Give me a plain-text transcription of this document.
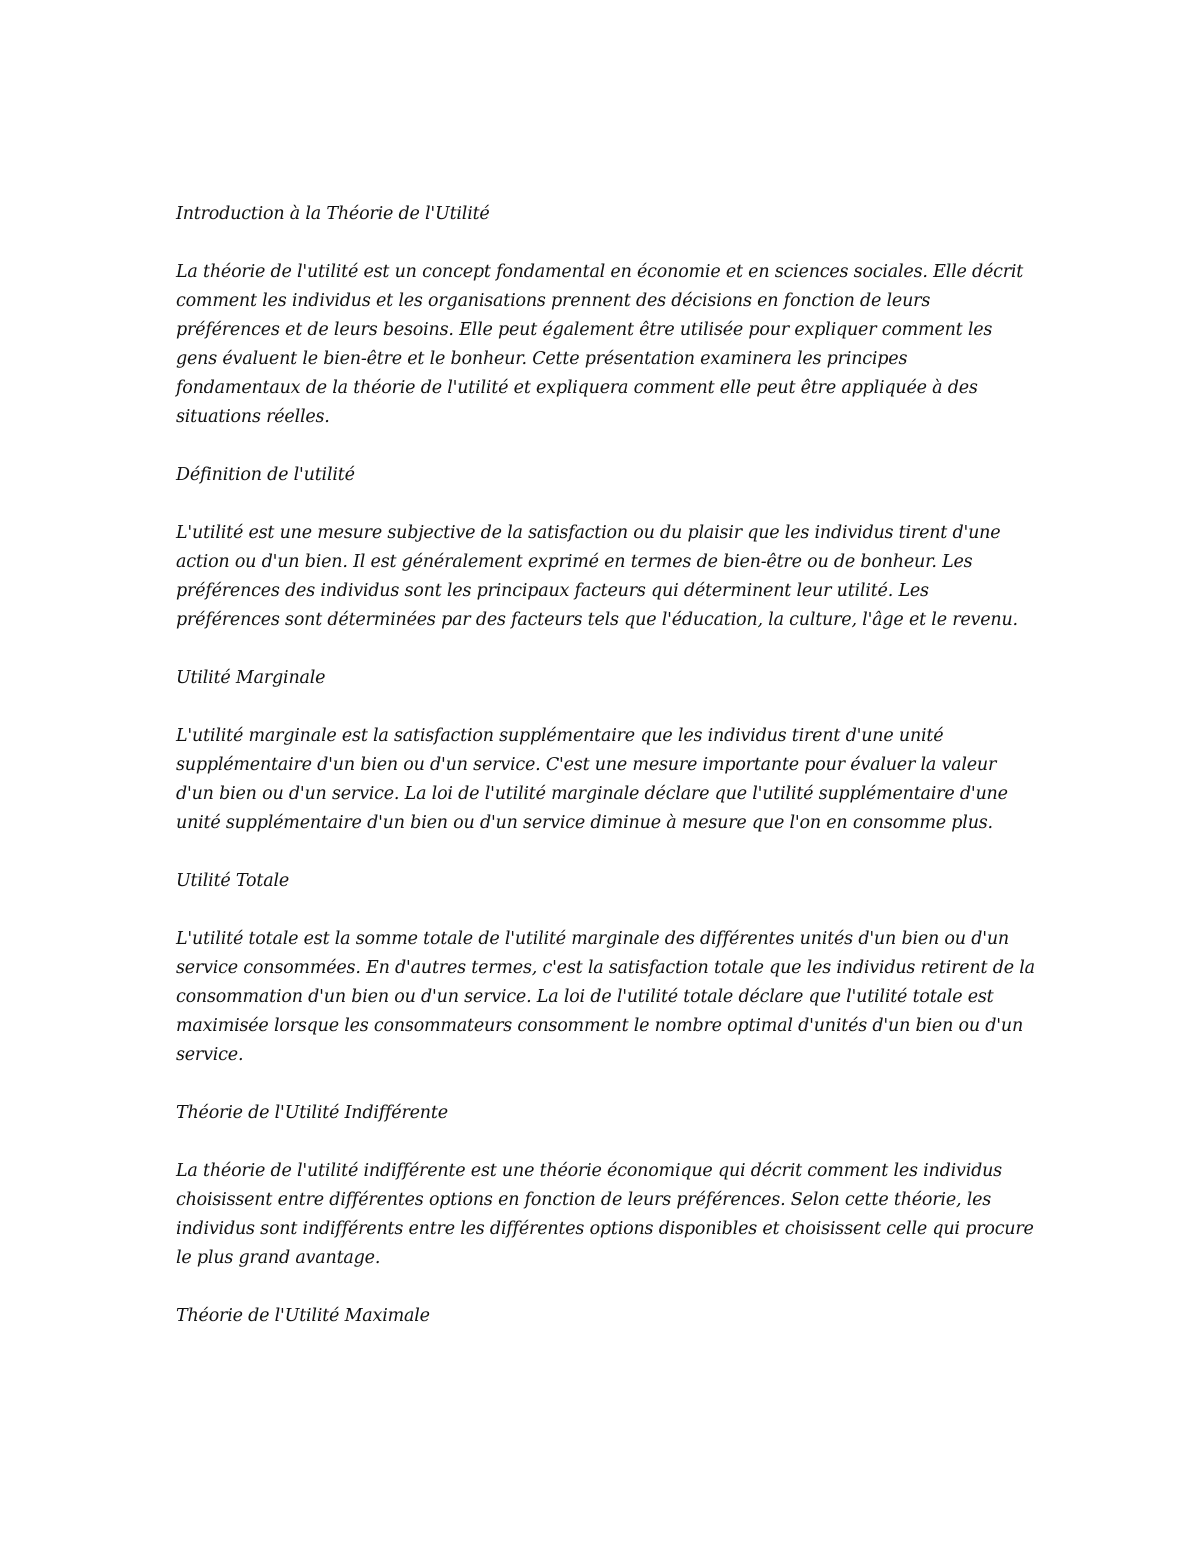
Introduction à la Théorie de l'Utilité

La théorie de l'utilité est un concept fondamental en économie et en sciences sociales. Elle décrit comment les individus et les organisations prennent des décisions en fonction de leurs préférences et de leurs besoins. Elle peut également être utilisée pour expliquer comment les gens évaluent le bien-être et le bonheur. Cette présentation examinera les principes fondamentaux de la théorie de l'utilité et expliquera comment elle peut être appliquée à des situations réelles.

Définition de l'utilité

L'utilité est une mesure subjective de la satisfaction ou du plaisir que les individus tirent d'une action ou d'un bien. Il est généralement exprimé en termes de bien-être ou de bonheur. Les préférences des individus sont les principaux facteurs qui déterminent leur utilité. Les préférences sont déterminées par des facteurs tels que l'éducation, la culture, l'âge et le revenu.

Utilité Marginale

L'utilité marginale est la satisfaction supplémentaire que les individus tirent d'une unité supplémentaire d'un bien ou d'un service. C'est une mesure importante pour évaluer la valeur d'un bien ou d'un service. La loi de l'utilité marginale déclare que l'utilité supplémentaire d'une unité supplémentaire d'un bien ou d'un service diminue à mesure que l'on en consomme plus.

Utilité Totale

L'utilité totale est la somme totale de l'utilité marginale des différentes unités d'un bien ou d'un service consommées. En d'autres termes, c'est la satisfaction totale que les individus retirent de la consommation d'un bien ou d'un service. La loi de l'utilité totale déclare que l'utilité totale est maximisée lorsque les consommateurs consomment le nombre optimal d'unités d'un bien ou d'un service.

Théorie de l'Utilité Indifférente

La théorie de l'utilité indifférente est une théorie économique qui décrit comment les individus choisissent entre différentes options en fonction de leurs préférences. Selon cette théorie, les individus sont indifférents entre les différentes options disponibles et choisissent celle qui procure le plus grand avantage.

Théorie de l'Utilité Maximale
